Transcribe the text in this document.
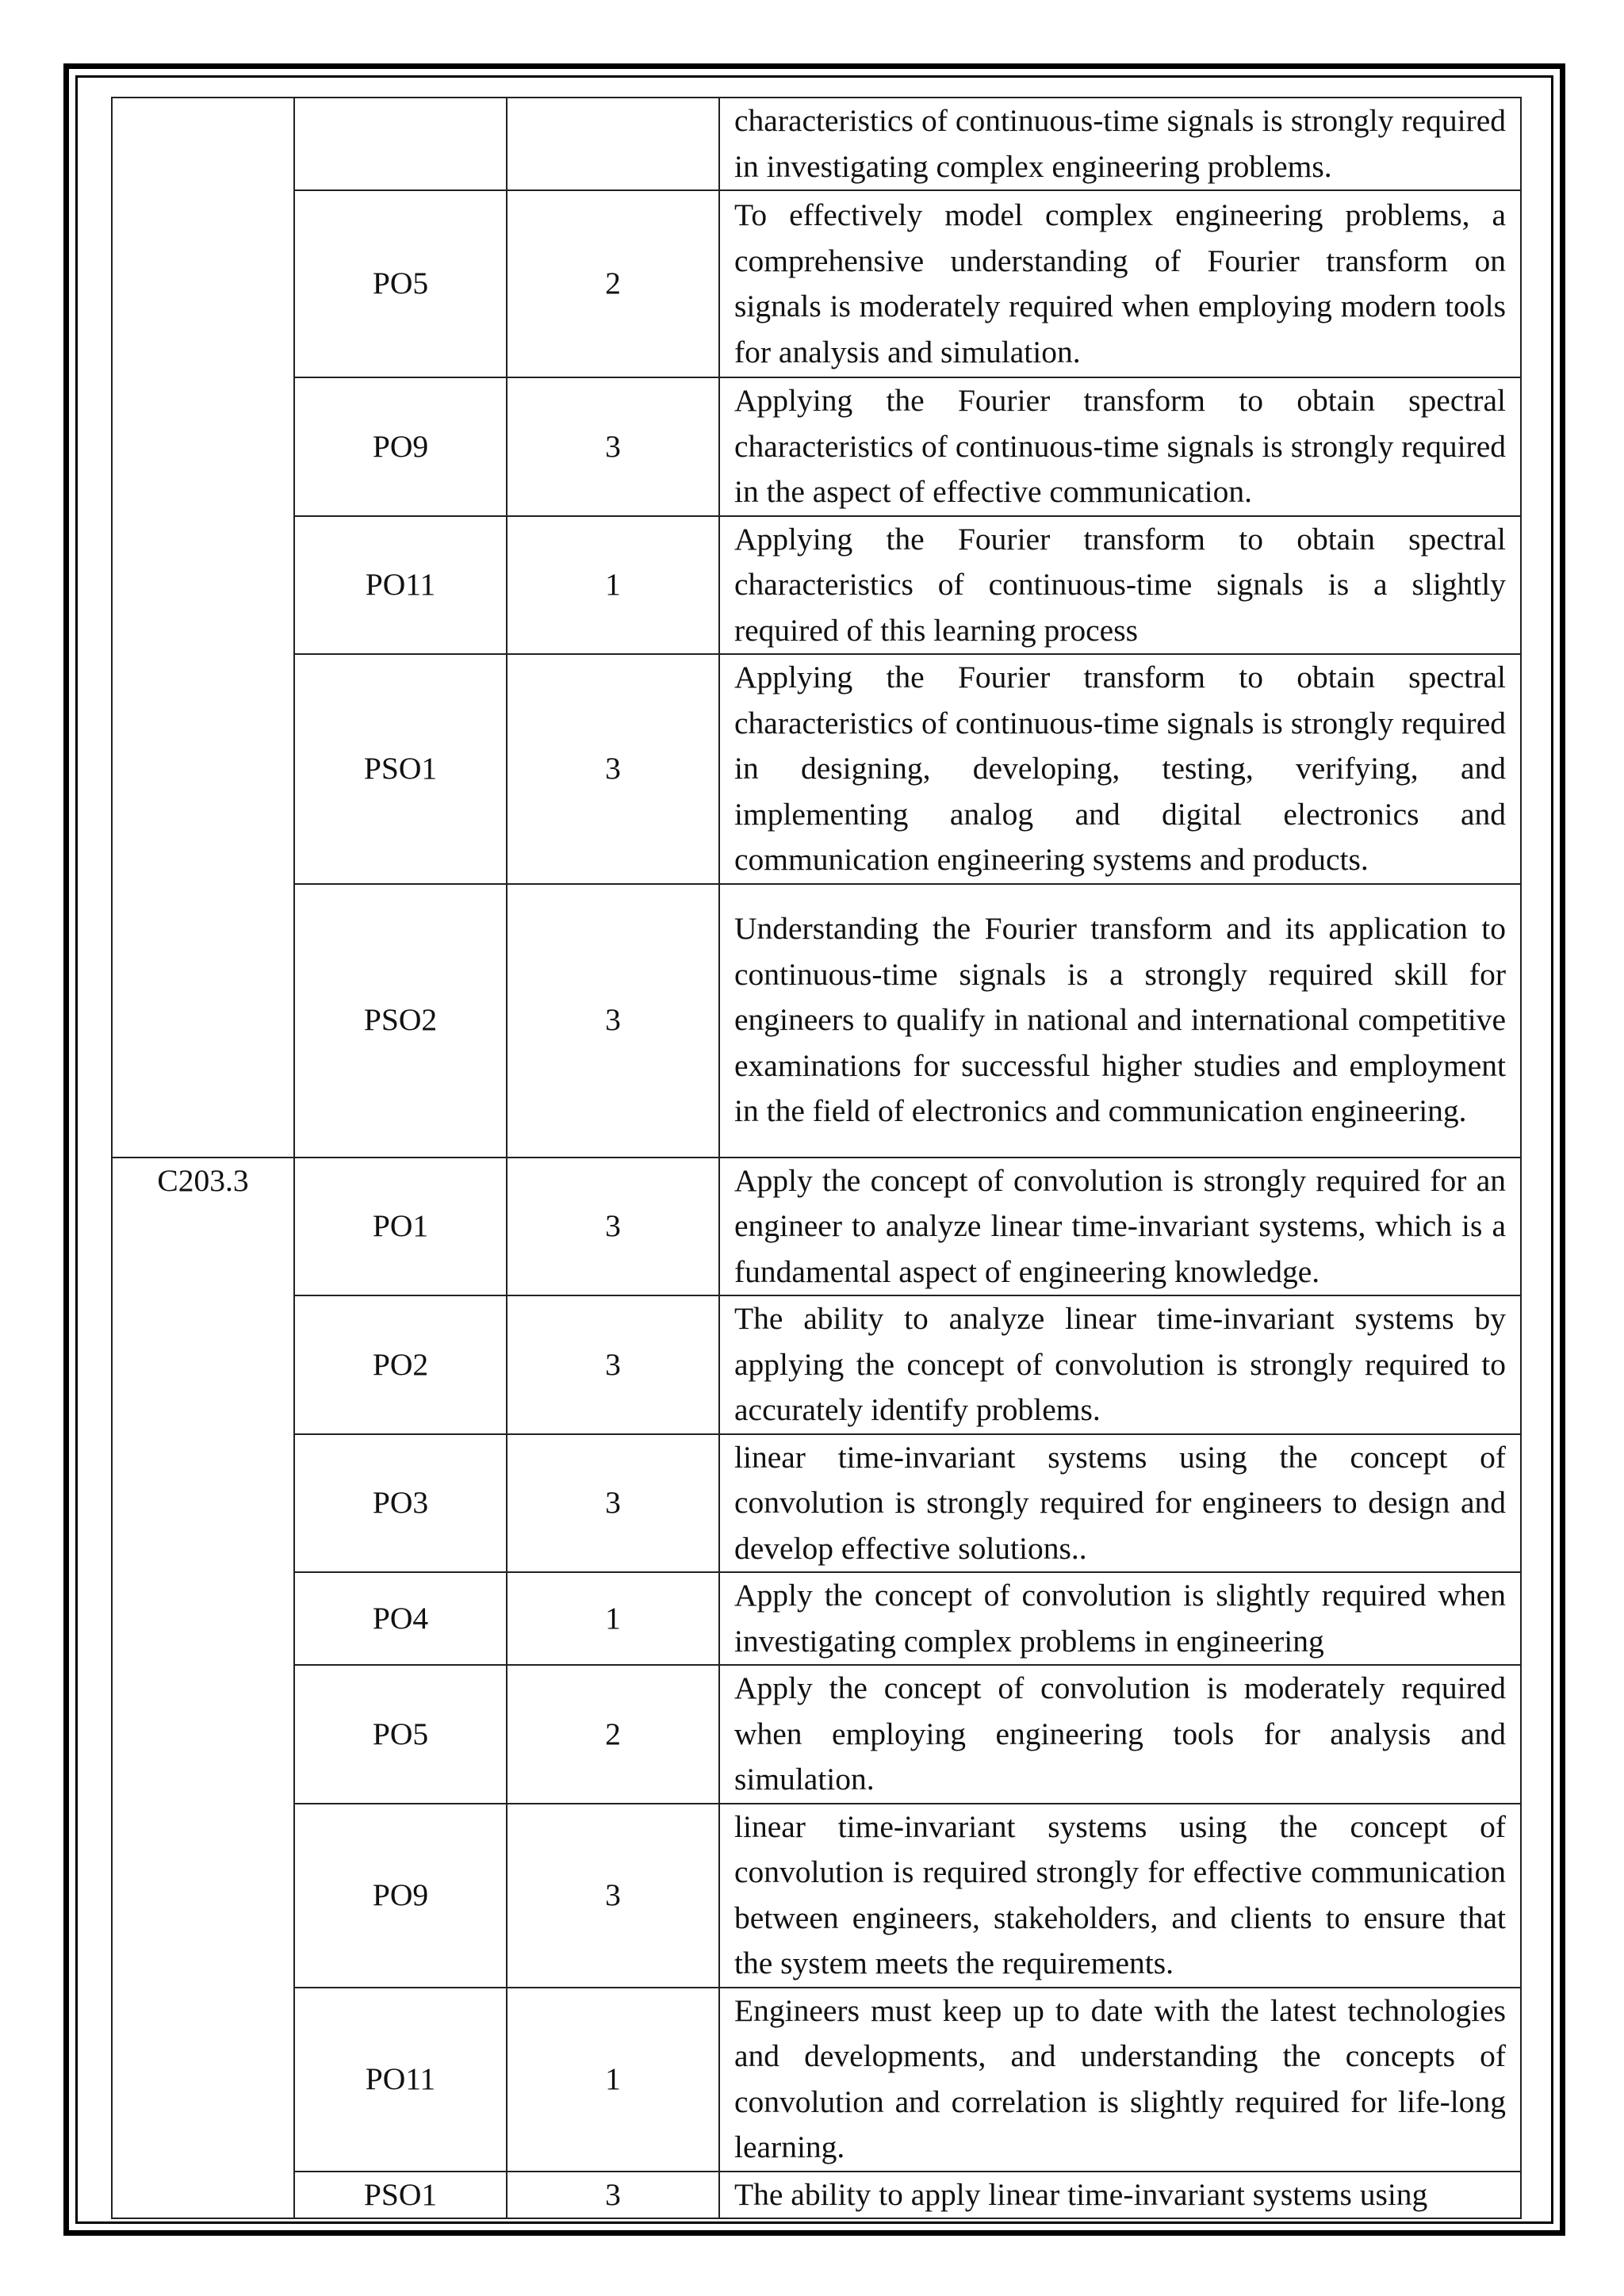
			characteristics of continuous-time signals is strongly required in investigating complex engineering problems.

	PO5	2	To effectively model complex engineering problems, a comprehensive understanding of Fourier transform on signals is moderately required when employing modern tools for analysis and simulation.

	PO9	3	Applying the Fourier transform to obtain spectral characteristics of continuous-time signals is strongly required in the aspect of effective communication.

	PO11	1	Applying the Fourier transform to obtain spectral characteristics of continuous-time signals is a slightly required of this learning process

	PSO1	3	Applying the Fourier transform to obtain spectral characteristics of continuous-time signals is strongly required in designing, developing, testing, verifying, and implementing analog and digital electronics and communication engineering systems and products.

	PSO2	3	Understanding the Fourier transform and its application to continuous-time signals is a strongly required skill for engineers to qualify in national and international competitive examinations for successful higher studies and employment in the field of electronics and communication engineering.

C203.3	PO1	3	Apply the concept of convolution is strongly required for an engineer to analyze linear time-invariant systems, which is a fundamental aspect of engineering knowledge.

	PO2	3	The ability to analyze linear time-invariant systems by applying the concept of convolution is strongly required to accurately identify problems.

	PO3	3	linear time-invariant systems using the concept of convolution is strongly required for engineers to design and develop effective solutions..

	PO4	1	Apply the concept of convolution is slightly required when investigating complex problems in engineering

	PO5	2	Apply the concept of convolution is moderately required when employing engineering tools for analysis and simulation.

	PO9	3	linear time-invariant systems using the concept of convolution is required strongly for effective communication between engineers, stakeholders, and clients to ensure that the system meets the requirements.

	PO11	1	Engineers must keep up to date with the latest technologies and developments, and understanding the concepts of convolution and correlation is slightly required for life-long learning.

	PSO1	3	The ability to apply linear time-invariant systems using
